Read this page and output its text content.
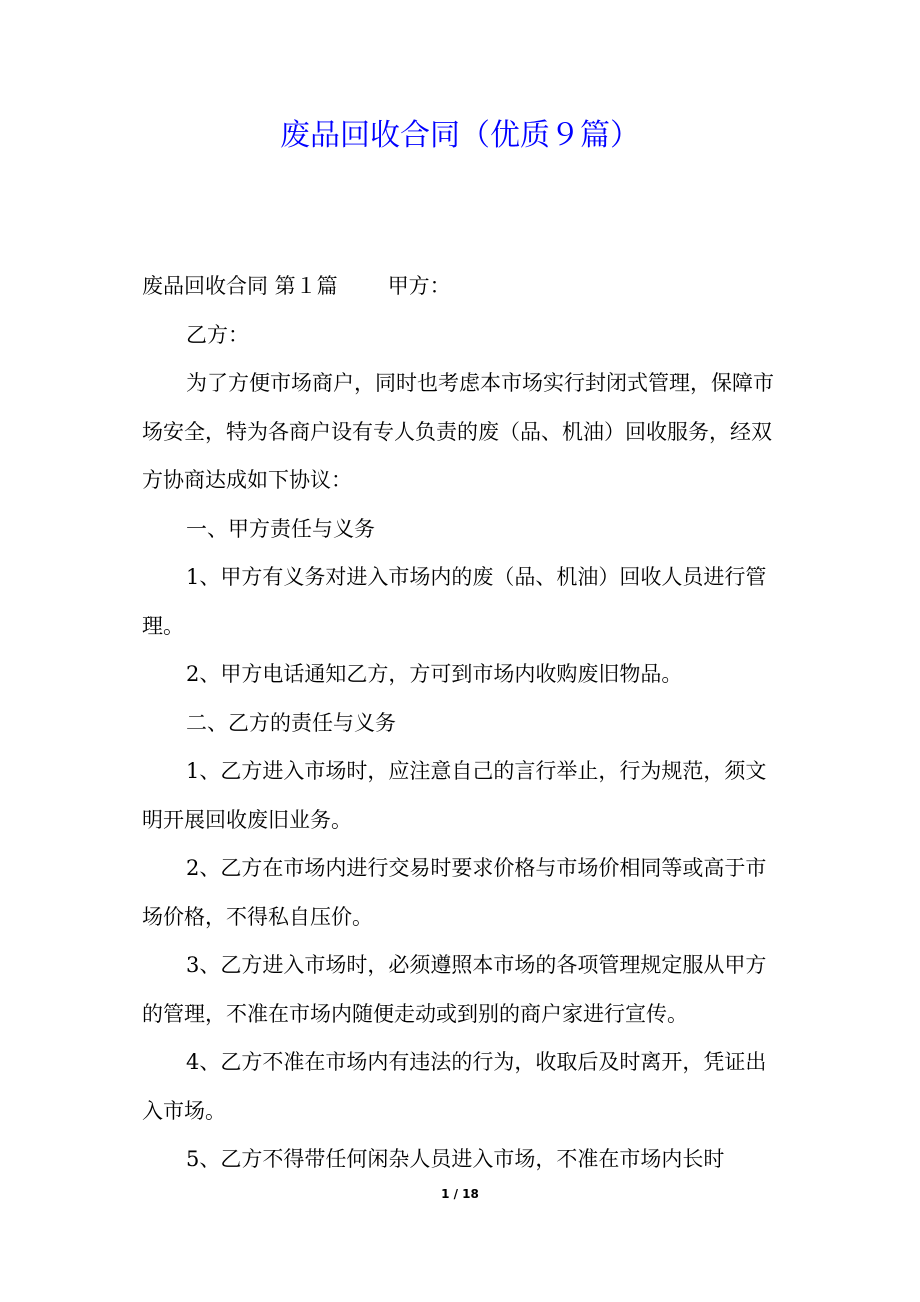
废品回收合同（优质９篇）

废品回收合同 第１篇 甲方：

乙方：

为了方便市场商户，同时也考虑本市场实行封闭式管理，保障市场安全，特为各商户设有专人负责的废（品、机油）回收服务，经双方协商达成如下协议：

一、甲方责任与义务

1、甲方有义务对进入市场内的废（品、机油）回收人员进行管理。

2、甲方电话通知乙方，方可到市场内收购废旧物品。

二、乙方的责任与义务

1、乙方进入市场时，应注意自己的言行举止，行为规范，须文明开展回收废旧业务。

2、乙方在市场内进行交易时要求价格与市场价相同等或高于市场价格，不得私自压价。

3、乙方进入市场时，必须遵照本市场的各项管理规定服从甲方的管理，不准在市场内随便走动或到别的商户家进行宣传。

4、乙方不准在市场内有违法的行为，收取后及时离开，凭证出入市场。

5、乙方不得带任何闲杂人员进入市场，不准在市场内长时

1 / 18
